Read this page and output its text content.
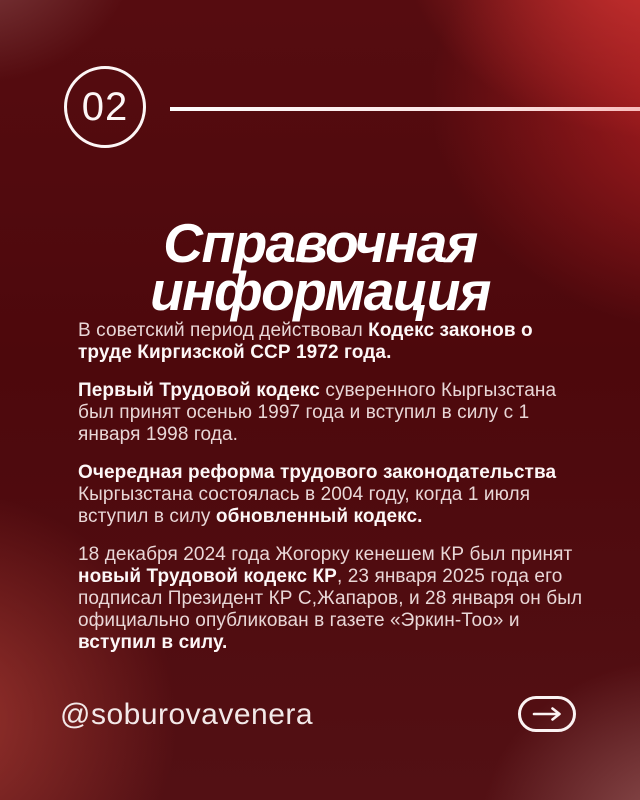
02
Справочная
информация

В советский период действовал Кодекс законов о труде Киргизской ССР 1972 года.

Первый Трудовой кодекс суверенного Кыргызстана был принят осенью 1997 года и вступил в силу с 1 января 1998 года.

Очередная реформа трудового законодательства Кыргызстана состоялась в 2004 году, когда 1 июля вступил в силу обновленный кодекс.

18 декабря 2024 года Жогорку кенешем КР был принят новый Трудовой кодекс КР, 23 января 2025 года его подписал Президент КР С,Жапаров, и 28 января он был официально опубликован в газете «Эркин-Тоо» и вступил в силу.

@soburovavenera
